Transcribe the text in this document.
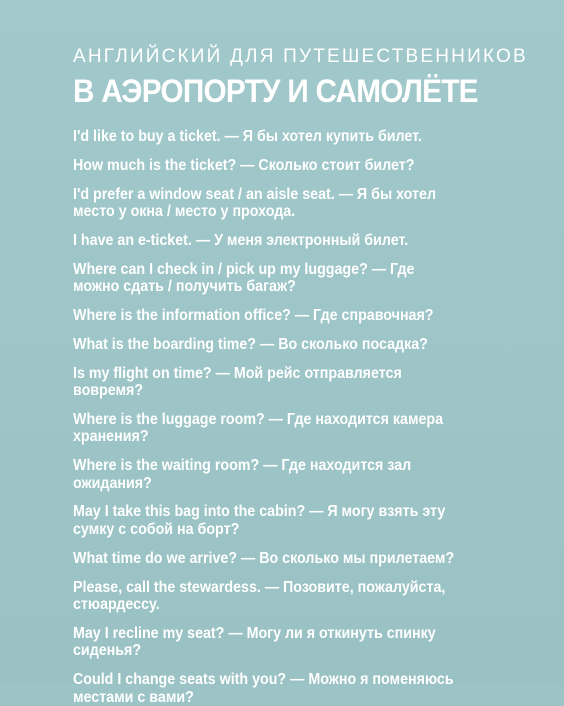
АНГЛИЙСКИЙ ДЛЯ ПУТЕШЕСТВЕННИКОВ
В АЭРОПОРТУ И САМОЛЁТЕ
I'd like to buy a ticket. — Я бы хотел купить билет.
How much is the ticket? — Сколько стоит билет?
I'd prefer a window seat / an aisle seat. — Я бы хотел место у окна / место у прохода.
I have an e-ticket. — У меня электронный билет.
Where can I check in / pick up my luggage? — Где можно сдать / получить багаж?
Where is the information office? — Где справочная?
What is the boarding time? — Во сколько посадка?
Is my flight on time? — Мой рейс отправляется вовремя?
Where is the luggage room? — Где находится камера хранения?
Where is the waiting room? — Где находится зал ожидания?
May I take this bag into the cabin? — Я могу взять эту сумку с собой на борт?
What time do we arrive? — Во сколько мы прилетаем?
Please, call the stewardess. — Позовите, пожалуйста, стюардессу.
May I recline my seat? — Могу ли я откинуть спинку сиденья?
Could I change seats with you? — Можно я поменяюсь местами с вами?
